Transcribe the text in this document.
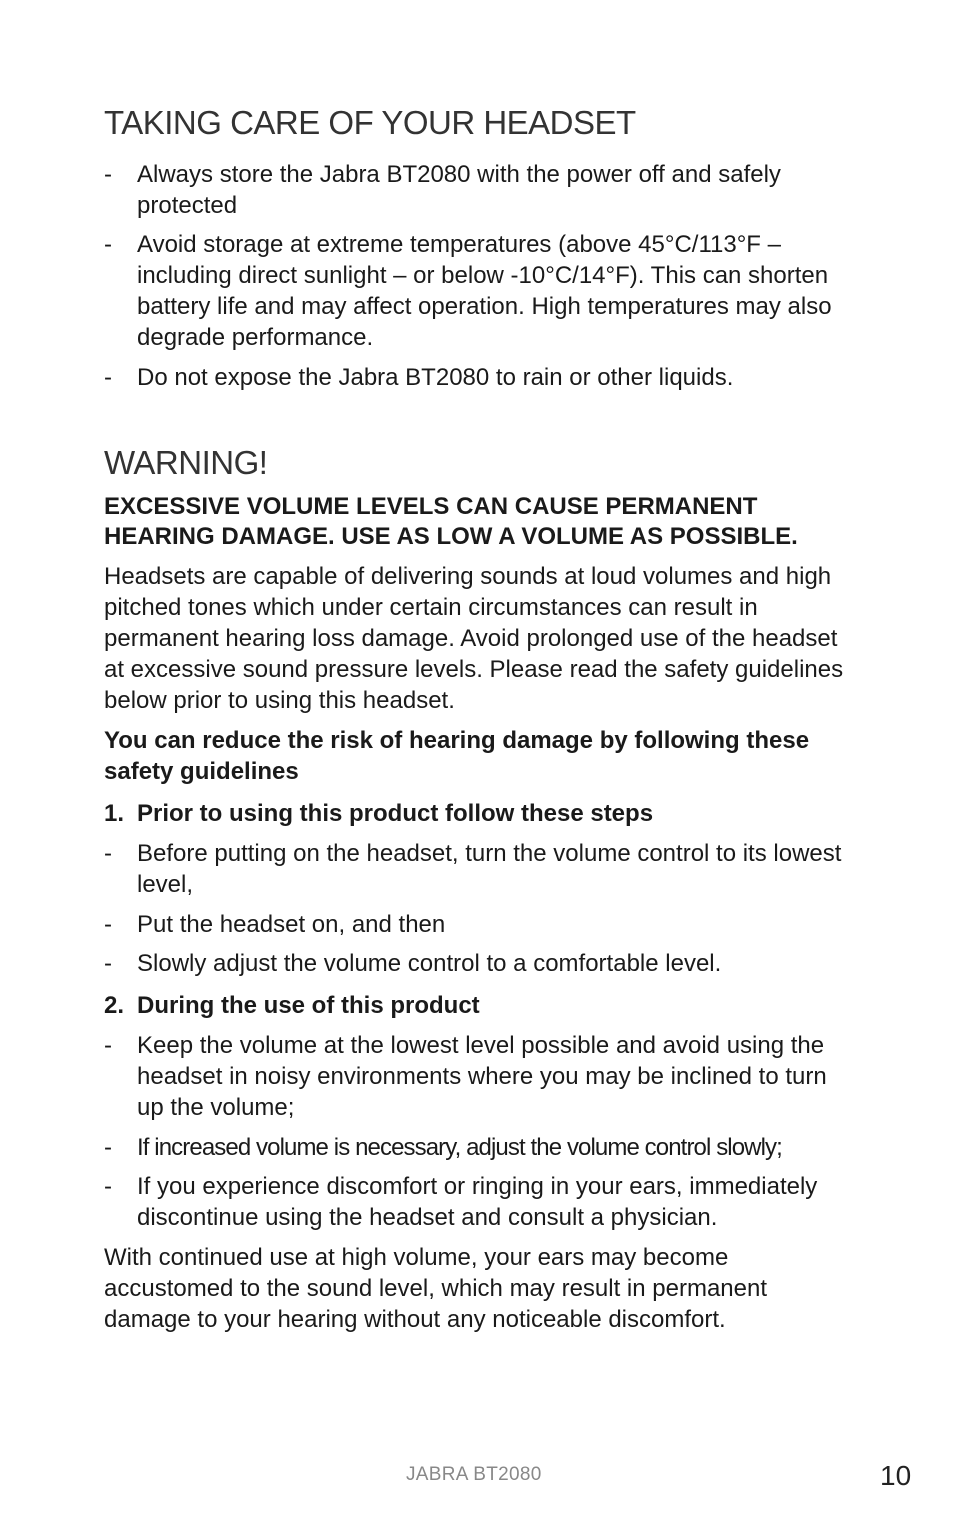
TAKING CARE OF YOUR HEADSET
-	Always store the Jabra BT2080 with the power off and safely protected
-	Avoid storage at extreme temperatures (above 45°C/113°F – including direct sunlight – or below -10°C/14°F). This can shorten battery life and may affect operation. High temperatures may also degrade performance.
-	Do not expose the Jabra BT2080 to rain or other liquids.
WARNING!
EXCESSIVE VOLUME LEVELS CAN CAUSE PERMANENT HEARING DAMAGE. USE AS LOW A VOLUME AS POSSIBLE.
Headsets are capable of delivering sounds at loud volumes and high pitched tones which under certain circumstances can result in permanent hearing loss damage. Avoid prolonged use of the headset at excessive sound pressure levels. Please read the safety guidelines below prior to using this headset.
You can reduce the risk of hearing damage by following these safety guidelines
1. Prior to using this product follow these steps
-	Before putting on the headset, turn the volume control to its lowest level,
-	Put the headset on, and then
-	Slowly adjust the volume control to a comfortable level.
2. During the use of this product
-	Keep the volume at the lowest level possible and avoid using the headset in noisy environments where you may be inclined to turn up the volume;
-	If increased volume is necessary, adjust the volume control slowly;
-	If you experience discomfort or ringing in your ears, immediately discontinue using the headset and consult a physician.
With continued use at high volume, your ears may become accustomed to the sound level, which may result in permanent damage to your hearing without any noticeable discomfort.
JABRA BT2080	10
